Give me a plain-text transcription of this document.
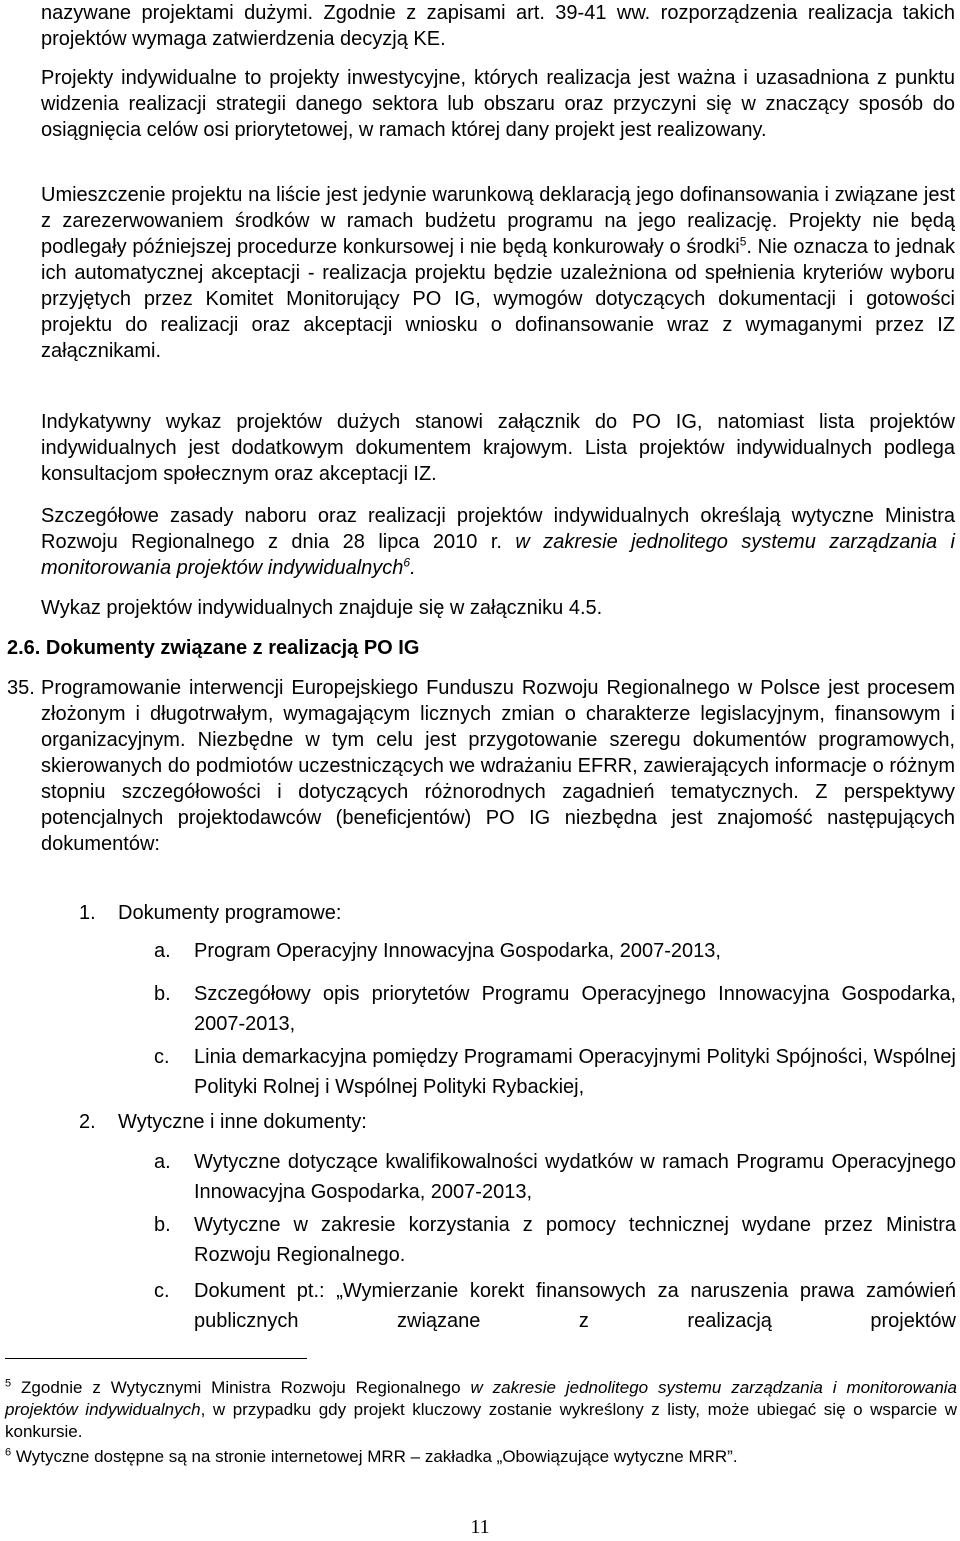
nazywane projektami dużymi. Zgodnie z zapisami art. 39-41 ww. rozporządzenia realizacja takich projektów wymaga zatwierdzenia decyzją KE.

Projekty indywidualne to projekty inwestycyjne, których realizacja jest ważna i uzasadniona z punktu widzenia realizacji strategii danego sektora lub obszaru oraz przyczyni się w znaczący sposób do osiągnięcia celów osi priorytetowej, w ramach której dany projekt jest realizowany.

Umieszczenie projektu na liście jest jedynie warunkową deklaracją jego dofinansowania i związane jest z zarezerwowaniem środków w ramach budżetu programu na jego realizację. Projekty nie będą podlegały późniejszej procedurze konkursowej i nie będą konkurowały o środki$^5$. Nie oznacza to jednak ich automatycznej akceptacji - realizacja projektu będzie uzależniona od spełnienia kryteriów wyboru przyjętych przez Komitet Monitorujący PO IG, wymogów dotyczących dokumentacji i gotowości projektu do realizacji oraz akceptacji wniosku o dofinansowanie wraz z wymaganymi przez IZ załącznikami.

Indykatywny wykaz projektów dużych stanowi załącznik do PO IG, natomiast lista projektów indywidualnych jest dodatkowym dokumentem krajowym. Lista projektów indywidualnych podlega konsultacjom społecznym oraz akceptacji IZ.

Szczegółowe zasady naboru oraz realizacji projektów indywidualnych określają wytyczne Ministra Rozwoju Regionalnego z dnia 28 lipca 2010 r. w zakresie jednolitego systemu zarządzania i monitorowania projektów indywidualnych$^6$.

Wykaz projektów indywidualnych znajduje się w załączniku 4.5.

2.6. Dokumenty związane z realizacją PO IG
35. Programowanie interwencji Europejskiego Funduszu Rozwoju Regionalnego w Polsce jest procesem złożonym i długotrwałym, wymagającym licznych zmian o charakterze legislacyjnym, finansowym i organizacyjnym. Niezbędne w tym celu jest przygotowanie szeregu dokumentów programowych, skierowanych do podmiotów uczestniczących we wdrażaniu EFRR, zawierających informacje o różnym stopniu szczegółowości i dotyczących różnorodnych zagadnień tematycznych. Z perspektywy potencjalnych projektodawców (beneficjentów) PO IG niezbędna jest znajomość następujących dokumentów:

1. Dokumenty programowe:
a. Program Operacyjny Innowacyjna Gospodarka, 2007-2013,

b. Szczegółowy opis priorytetów Programu Operacyjnego Innowacyjna Gospodarka, 2007-2013,

c. Linia demarkacyjna pomiędzy Programami Operacyjnymi Polityki Spójności, Wspólnej Polityki Rolnej i Wspólnej Polityki Rybackiej,

2. Wytyczne i inne dokumenty:
a. Wytyczne dotyczące kwalifikowalności wydatków w ramach Programu Operacyjnego Innowacyjna Gospodarka, 2007-2013,

b. Wytyczne w zakresie korzystania z pomocy technicznej wydane przez Ministra Rozwoju Regionalnego.

c. Dokument pt.: „Wymierzanie korekt finansowych za naruszenia prawa zamówień publicznych związane z realizacją projektów

$^5$ Zgodnie z Wytycznymi Ministra Rozwoju Regionalnego w zakresie jednolitego systemu zarządzania i monitorowania projektów indywidualnych, w przypadku gdy projekt kluczowy zostanie wykreślony z listy, może ubiegać się o wsparcie w konkursie.

$^6$ Wytyczne dostępne są na stronie internetowej MRR – zakładka „Obowiązujące wytyczne MRR”.

11
